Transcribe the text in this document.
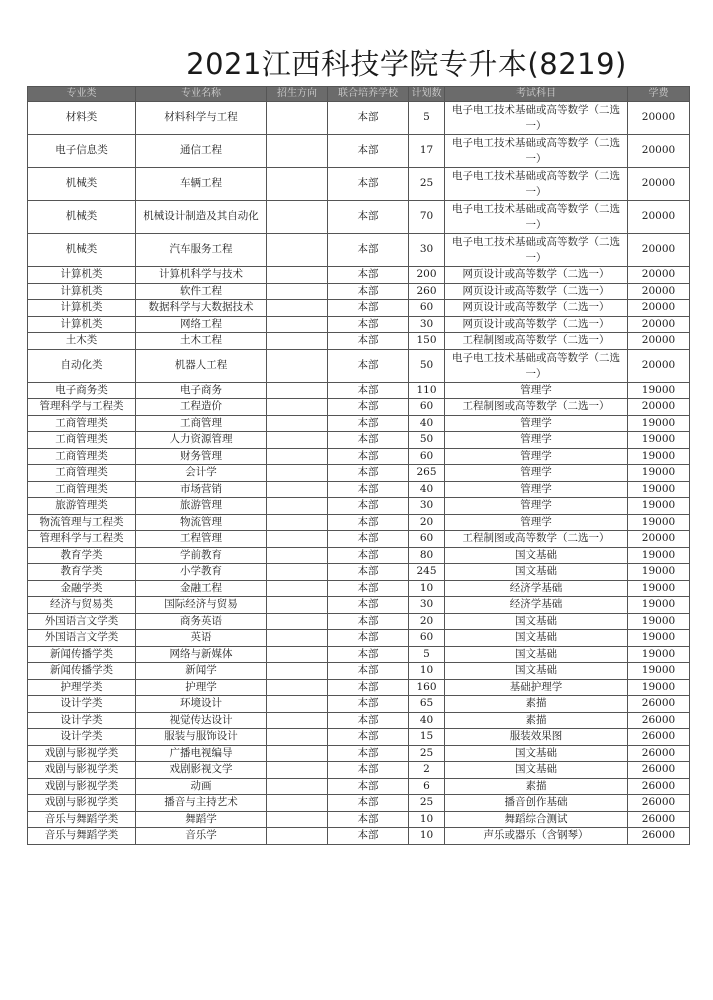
2021江西科技学院专升本(8219)
专业类	专业名称	招生方向	联合培养学校	计划数	考试科目	学费
材料类	材料科学与工程		本部	5	电子电工技术基础或高等数学（二选一）	20000
电子信息类	通信工程		本部	17	电子电工技术基础或高等数学（二选一）	20000
机械类	车辆工程		本部	25	电子电工技术基础或高等数学（二选一）	20000
机械类	机械设计制造及其自动化		本部	70	电子电工技术基础或高等数学（二选一）	20000
机械类	汽车服务工程		本部	30	电子电工技术基础或高等数学（二选一）	20000
计算机类	计算机科学与技术		本部	200	网页设计或高等数学（二选一）	20000
计算机类	软件工程		本部	260	网页设计或高等数学（二选一）	20000
计算机类	数据科学与大数据技术		本部	60	网页设计或高等数学（二选一）	20000
计算机类	网络工程		本部	30	网页设计或高等数学（二选一）	20000
土木类	土木工程		本部	150	工程制图或高等数学（二选一）	20000
自动化类	机器人工程		本部	50	电子电工技术基础或高等数学（二选一）	20000
电子商务类	电子商务		本部	110	管理学	19000
管理科学与工程类	工程造价		本部	60	工程制图或高等数学（二选一）	20000
工商管理类	工商管理		本部	40	管理学	19000
工商管理类	人力资源管理		本部	50	管理学	19000
工商管理类	财务管理		本部	60	管理学	19000
工商管理类	会计学		本部	265	管理学	19000
工商管理类	市场营销		本部	40	管理学	19000
旅游管理类	旅游管理		本部	30	管理学	19000
物流管理与工程类	物流管理		本部	20	管理学	19000
管理科学与工程类	工程管理		本部	60	工程制图或高等数学（二选一）	20000
教育学类	学前教育		本部	80	国文基础	19000
教育学类	小学教育		本部	245	国文基础	19000
金融学类	金融工程		本部	10	经济学基础	19000
经济与贸易类	国际经济与贸易		本部	30	经济学基础	19000
外国语言文学类	商务英语		本部	20	国文基础	19000
外国语言文学类	英语		本部	60	国文基础	19000
新闻传播学类	网络与新媒体		本部	5	国文基础	19000
新闻传播学类	新闻学		本部	10	国文基础	19000
护理学类	护理学		本部	160	基础护理学	19000
设计学类	环境设计		本部	65	素描	26000
设计学类	视觉传达设计		本部	40	素描	26000
设计学类	服装与服饰设计		本部	15	服装效果图	26000
戏剧与影视学类	广播电视编导		本部	25	国文基础	26000
戏剧与影视学类	戏剧影视文学		本部	2	国文基础	26000
戏剧与影视学类	动画		本部	6	素描	26000
戏剧与影视学类	播音与主持艺术		本部	25	播音创作基础	26000
音乐与舞蹈学类	舞蹈学		本部	10	舞蹈综合测试	26000
音乐与舞蹈学类	音乐学		本部	10	声乐或器乐（含钢琴）	26000
